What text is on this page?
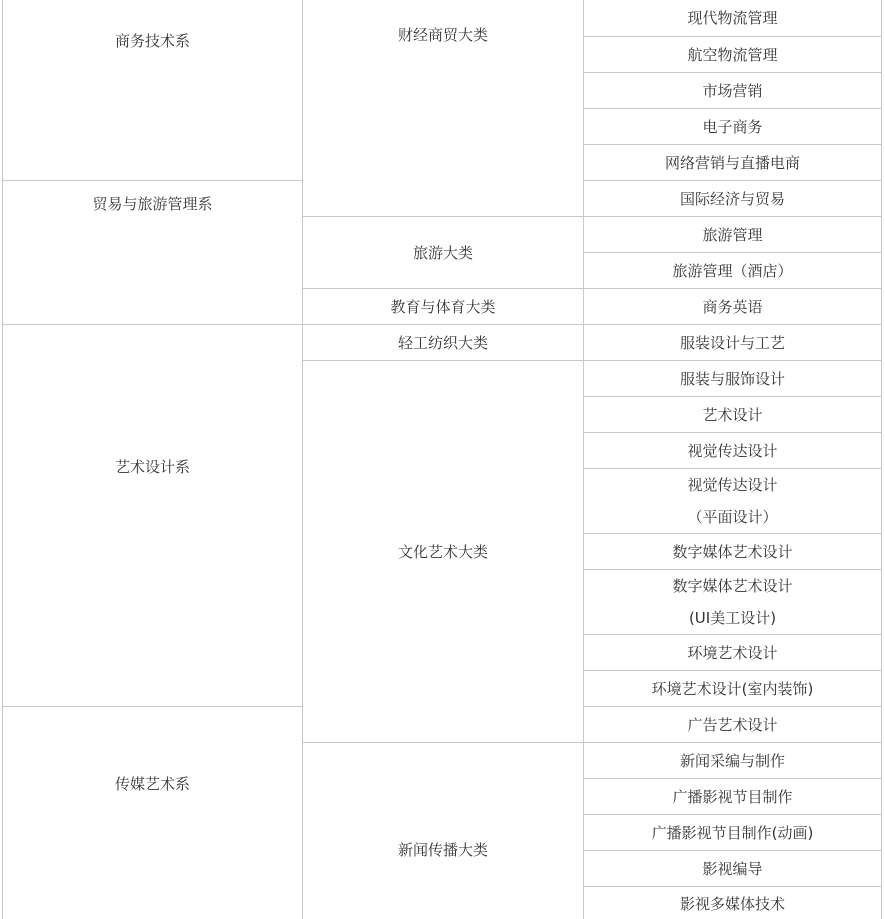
商务技术系
贸易与旅游管理系
艺术设计系
传媒艺术系
财经商贸大类
旅游大类
教育与体育大类
轻工纺织大类
文化艺术大类
新闻传播大类
现代物流管理
航空物流管理
市场营销
电子商务
网络营销与直播电商
国际经济与贸易
旅游管理
旅游管理（酒店）
商务英语
服装设计与工艺
服装与服饰设计
艺术设计
视觉传达设计
视觉传达设计
（平面设计）
数字媒体艺术设计
数字媒体艺术设计
(UI美工设计)
环境艺术设计
环境艺术设计(室内装饰)
广告艺术设计
新闻采编与制作
广播影视节目制作
广播影视节目制作(动画)
影视编导
影视多媒体技术
